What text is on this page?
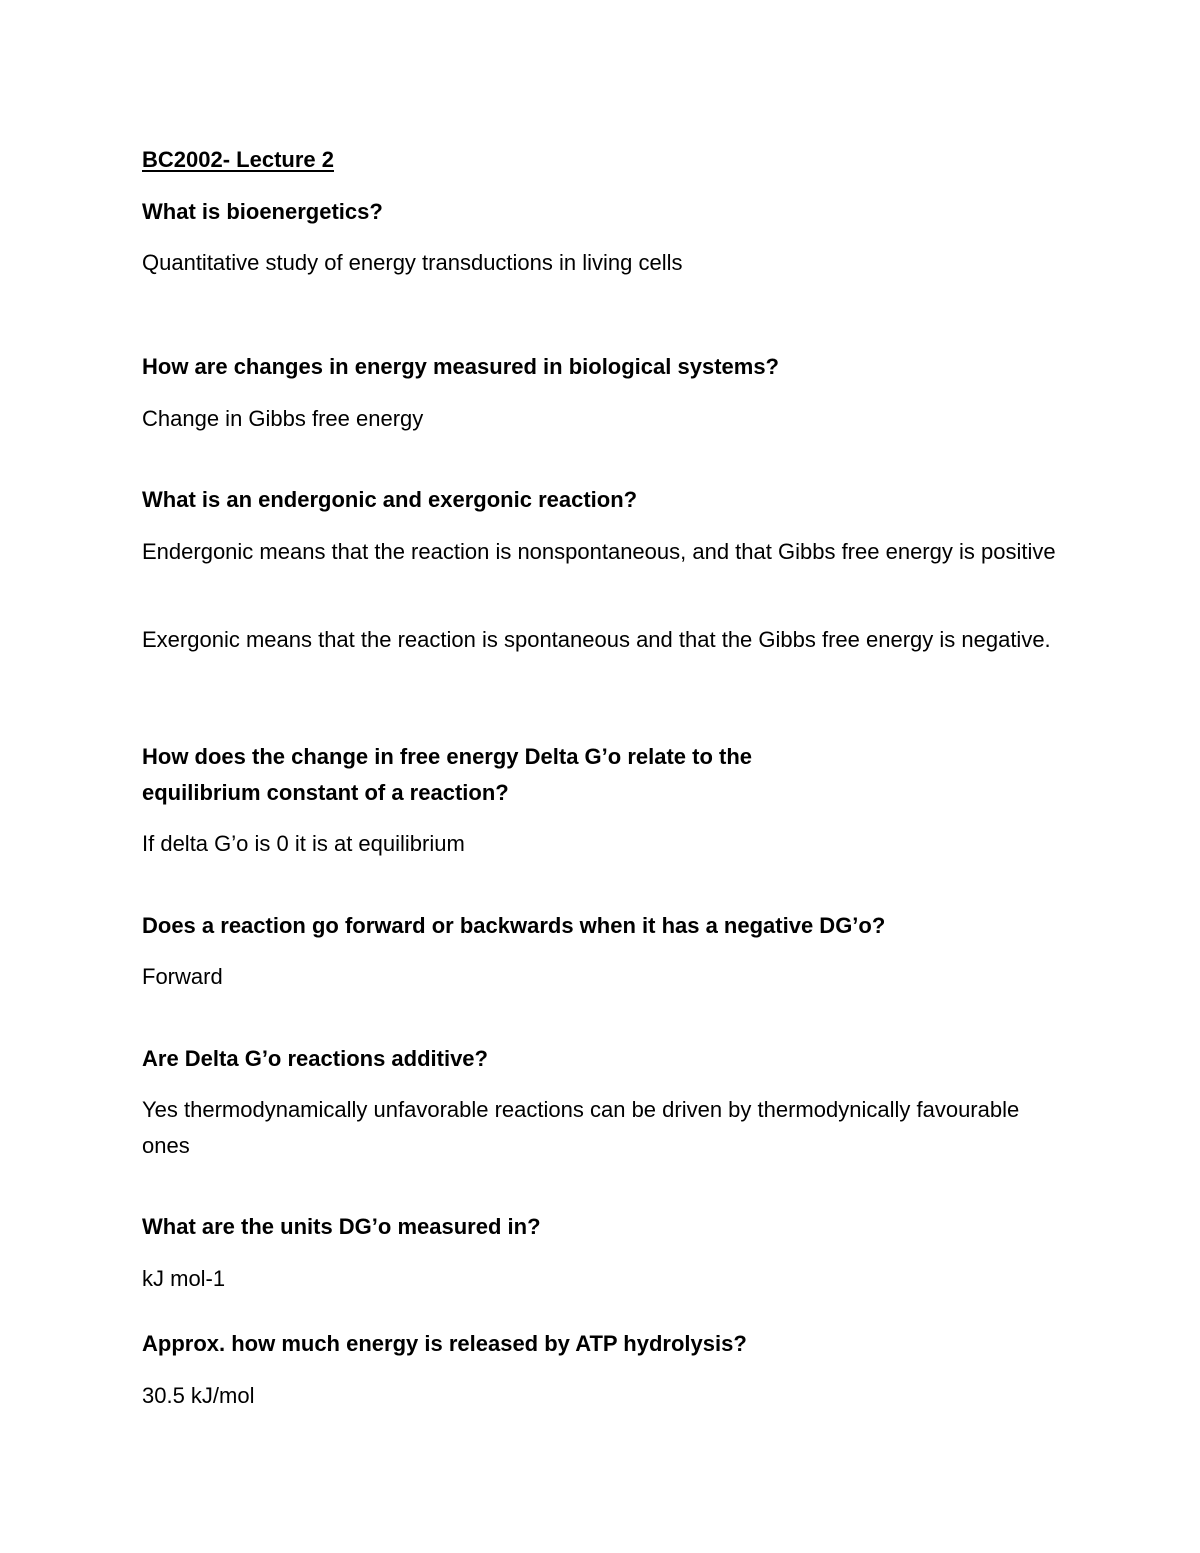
BC2002- Lecture 2
What is bioenergetics?
Quantitative study of energy transductions in living cells
How are changes in energy measured in biological systems?
Change in Gibbs free energy
What is an endergonic and exergonic reaction?
Endergonic means that the reaction is nonspontaneous, and that Gibbs free energy is positive
Exergonic means that the reaction is spontaneous and that the Gibbs free energy is negative.
How does the change in free energy Delta G’o relate to the
equilibrium constant of a reaction?
If delta G’o is 0 it is at equilibrium
Does a reaction go forward or backwards when it has a negative DG’o?
Forward
Are Delta G’o reactions additive?
Yes thermodynamically unfavorable reactions can be driven by thermodynically favourable ones
What are the units DG’o measured in?
kJ mol-1
Approx. how much energy is released by ATP hydrolysis?
30.5 kJ/mol
